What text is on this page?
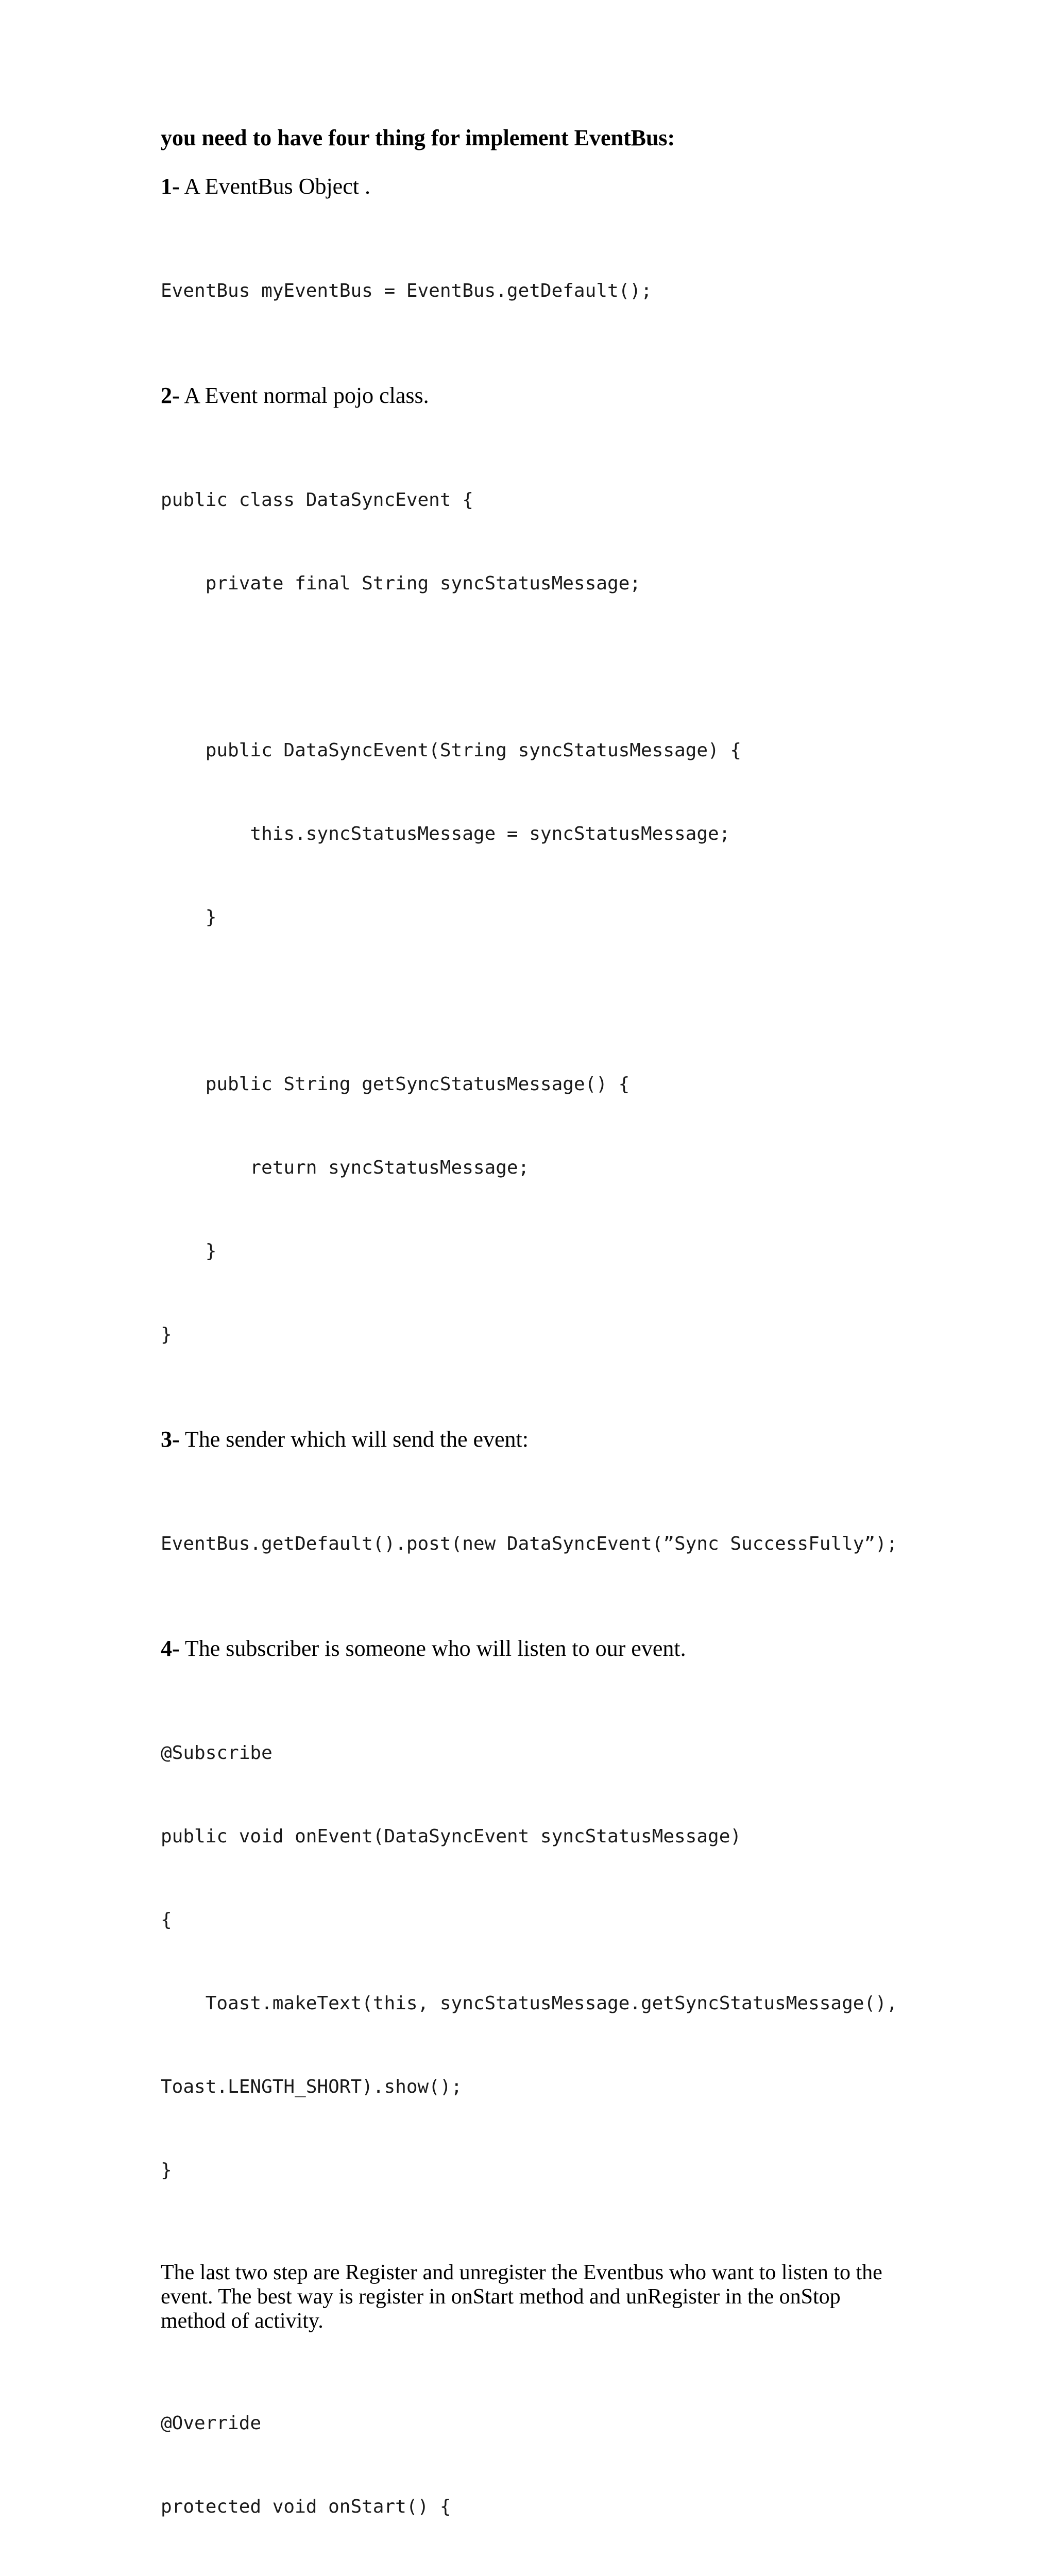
you need to have four thing for implement EventBus:
1- A EventBus Object .

EventBus myEventBus = EventBus.getDefault();

2- A Event normal pojo class.

public class DataSyncEvent {

private final String syncStatusMessage;

public DataSyncEvent(String syncStatusMessage) {

this.syncStatusMessage = syncStatusMessage;

}

public String getSyncStatusMessage() {

return syncStatusMessage;

}

}

3- The sender which will send the event:

EventBus.getDefault().post(new DataSyncEvent(”Sync SuccessFully”);

4- The subscriber is someone who will listen to our event.

@Subscribe

public void onEvent(DataSyncEvent syncStatusMessage)

{

Toast.makeText(this, syncStatusMessage.getSyncStatusMessage(),

Toast.LENGTH_SHORT).show();

}

The last two step are Register and unregister the Eventbus who want to listen to the event. The best way is register in onStart method and unRegister in the onStop method of activity.

@Override

protected void onStart() {
